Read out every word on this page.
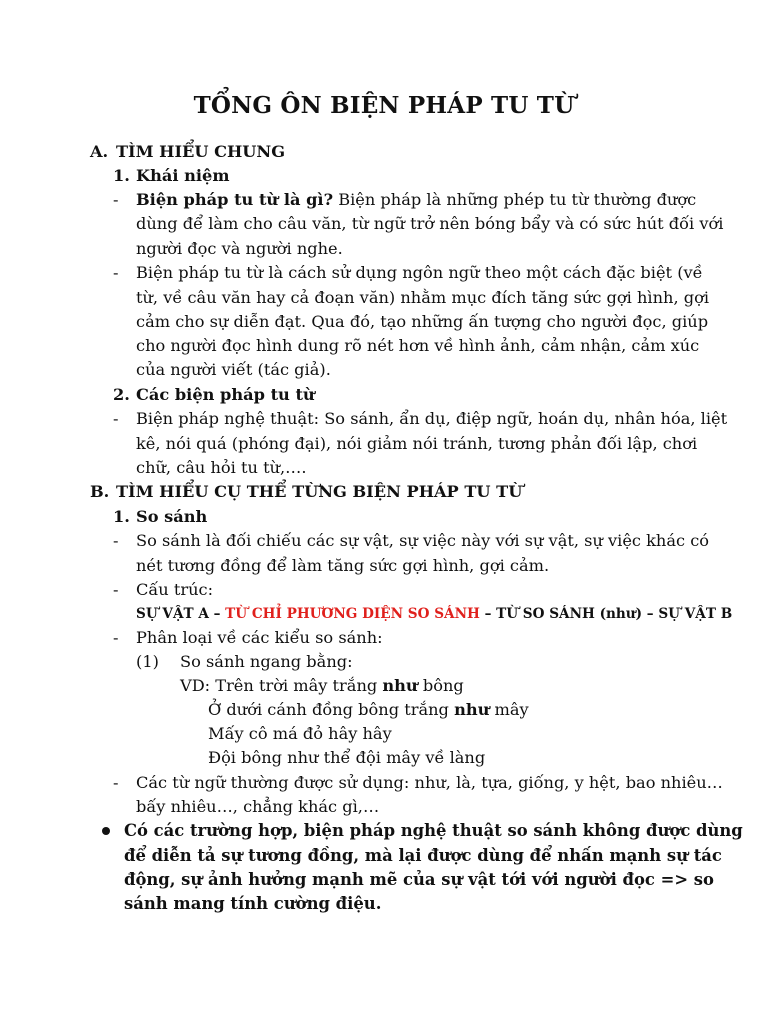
TỔNG ÔN BIỆN PHÁP TU TỪ
A. TÌM HIỂU CHUNG
1. Khái niệm
- Biện pháp tu từ là gì? Biện pháp là những phép tu từ thường được
dùng để làm cho câu văn, từ ngữ trở nên bóng bẩy và có sức hút đối với
người đọc và người nghe.
- Biện pháp tu từ là cách sử dụng ngôn ngữ theo một cách đặc biệt (về
từ, về câu văn hay cả đoạn văn) nhằm mục đích tăng sức gợi hình, gợi
cảm cho sự diễn đạt. Qua đó, tạo những ấn tượng cho người đọc, giúp
cho người đọc hình dung rõ nét hơn về hình ảnh, cảm nhận, cảm xúc
của người viết (tác giả).
2. Các biện pháp tu từ
- Biện pháp nghệ thuật: So sánh, ẩn dụ, điệp ngữ, hoán dụ, nhân hóa, liệt
kê, nói quá (phóng đại), nói giảm nói tránh, tương phản đối lập, chơi
chữ, câu hỏi tu từ,….
B. TÌM HIỂU CỤ THỂ TỪNG BIỆN PHÁP TU TỪ
1. So sánh
- So sánh là đối chiếu các sự vật, sự việc này với sự vật, sự việc khác có
nét tương đồng để làm tăng sức gợi hình, gợi cảm.
- Cấu trúc:
SỰ VẬT A – TỪ CHỈ PHƯƠNG DIỆN SO SÁNH – TỪ SO SÁNH (như) – SỰ VẬT B
- Phân loại về các kiểu so sánh:
(1) So sánh ngang bằng:
VD: Trên trời mây trắng như bông
Ở dưới cánh đồng bông trắng như mây
Mấy cô má đỏ hây hây
Đội bông như thể đội mây về làng
- Các từ ngữ thường được sử dụng: như, là, tựa, giống, y hệt, bao nhiêu…
bấy nhiêu…, chẳng khác gì,…
Có các trường hợp, biện pháp nghệ thuật so sánh không được dùng
để diễn tả sự tương đồng, mà lại được dùng để nhấn mạnh sự tác
động, sự ảnh hưởng mạnh mẽ của sự vật tới với người đọc => so
sánh mang tính cường điệu.
